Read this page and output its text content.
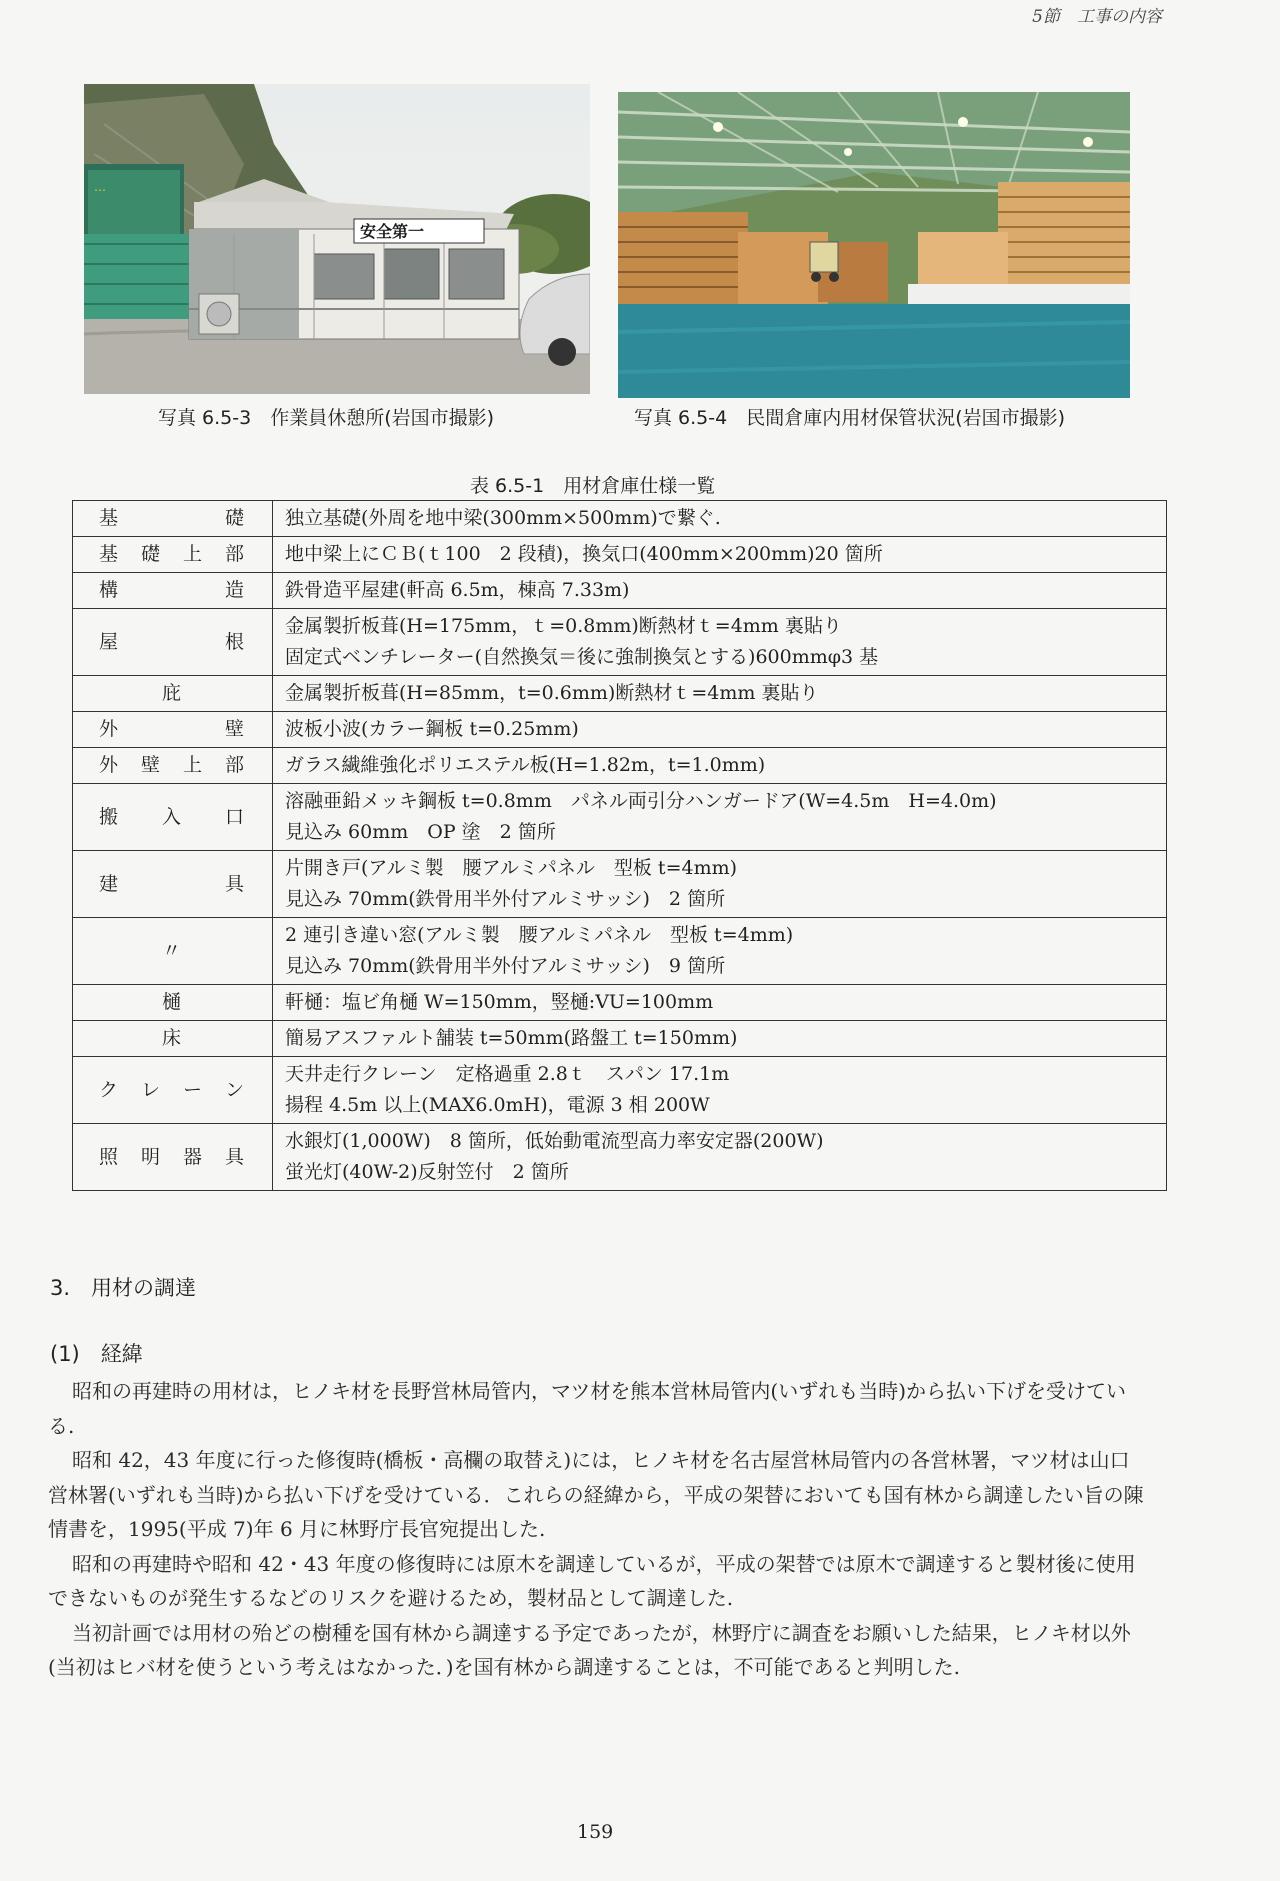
5節　工事の内容
⋯
安全第一
写真 6.5-3　作業員休憩所(岩国市撮影)	写真 6.5-4　民間倉庫内用材保管状況(岩国市撮影)
表 6.5-1　用材倉庫仕様一覧
基　　礎	独立基礎(外周を地中梁(300mm×500mm)で繋ぐ.

基礎上部	地中梁上にＣＢ(ｔ100　2 段積)，換気口(400mm×200mm)20 箇所

構　　造	鉄骨造平屋建(軒高 6.5m，棟高 7.33m)

屋　　根	金属製折板葺(H=175mm，ｔ=0.8mm)断熱材ｔ=4mm 裏貼り
固定式ベンチレーター(自然換気＝後に強制換気とする)600mmφ3 基

庇	金属製折板葺(H=85mm，t=0.6mm)断熱材ｔ=4mm 裏貼り

外　　壁	波板小波(カラー鋼板 t=0.25mm)

外壁上部	ガラス繊維強化ポリエステル板(H=1.82m，t=1.0mm)

搬　入　口	溶融亜鉛メッキ鋼板 t=0.8mm　パネル両引分ハンガードア(W=4.5m　H=4.0m)
見込み 60mm　OP 塗　2 箇所

建　　具	片開き戸(アルミ製　腰アルミパネル　型板 t=4mm)
見込み 70mm(鉄骨用半外付アルミサッシ)　2 箇所

〃	2 連引き違い窓(アルミ製　腰アルミパネル　型板 t=4mm)
見込み 70mm(鉄骨用半外付アルミサッシ)　9 箇所

樋	軒樋：塩ビ角樋 W=150mm，竪樋:VU=100mm

床	簡易アスファルト舗装 t=50mm(路盤工 t=150mm)

ク レ ー ン	天井走行クレーン　定格過重 2.8ｔ　スパン 17.1m
揚程 4.5m 以上(MAX6.0mH)，電源 3 相 200W

照明器具	水銀灯(1,000W)　8 箇所，低始動電流型高力率安定器(200W)
蛍光灯(40W-2)反射笠付　2 箇所
3.　用材の調達
(1)　経緯

昭和の再建時の用材は，ヒノキ材を長野営林局管内，マツ材を熊本営林局管内(いずれも当時)から払い下げを受けている.

昭和 42，43 年度に行った修復時(橋板・高欄の取替え)には，ヒノキ材を名古屋営林局管内の各営林署，マツ材は山口営林署(いずれも当時)から払い下げを受けている．これらの経緯から，平成の架替においても国有林から調達したい旨の陳情書を，1995(平成 7)年 6 月に林野庁長官宛提出した.

昭和の再建時や昭和 42・43 年度の修復時には原木を調達しているが，平成の架替では原木で調達すると製材後に使用できないものが発生するなどのリスクを避けるため，製材品として調達した.

当初計画では用材の殆どの樹種を国有林から調達する予定であったが，林野庁に調査をお願いした結果，ヒノキ材以外(当初はヒバ材を使うという考えはなかった．)を国有林から調達することは，不可能であると判明した.

159
